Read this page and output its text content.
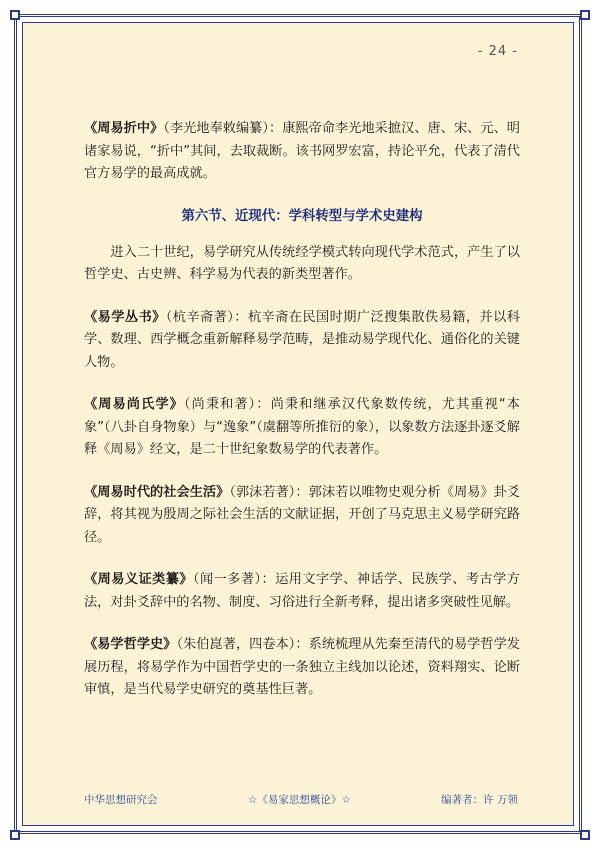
- 24 -

《周易折中》（李光地奉敕编纂）：康熙帝命李光地采摭汉、唐、宋、元、明诸家易说，“折中”其间，去取裁断。该书网罗宏富，持论平允，代表了清代官方易学的最高成就。

第六节、近现代：学科转型与学术史建构

进入二十世纪，易学研究从传统经学模式转向现代学术范式，产生了以哲学史、古史辨、科学易为代表的新类型著作。

《易学丛书》（杭辛斋著）：杭辛斋在民国时期广泛搜集散佚易籍，并以科学、数理、西学概念重新解释易学范畴，是推动易学现代化、通俗化的关键人物。

《周易尚氏学》（尚秉和著）：尚秉和继承汉代象数传统，尤其重视“本象”（八卦自身物象）与“逸象”（虞翻等所推衍的象），以象数方法逐卦逐爻解释《周易》经文，是二十世纪象数易学的代表著作。

《周易时代的社会生活》（郭沫若著）：郭沫若以唯物史观分析《周易》卦爻辞，将其视为殷周之际社会生活的文献证据，开创了马克思主义易学研究路径。

《周易义证类纂》（闻一多著）：运用文字学、神话学、民族学、考古学方法，对卦爻辞中的名物、制度、习俗进行全新考释，提出诸多突破性见解。

《易学哲学史》（朱伯崑著，四卷本）：系统梳理从先秦至清代的易学哲学发展历程，将易学作为中国哲学史的一条独立主线加以论述，资料翔实、论断审慎，是当代易学史研究的奠基性巨著。

中华思想研究会	☆《易家思想概论》☆	编著者：许 万领
